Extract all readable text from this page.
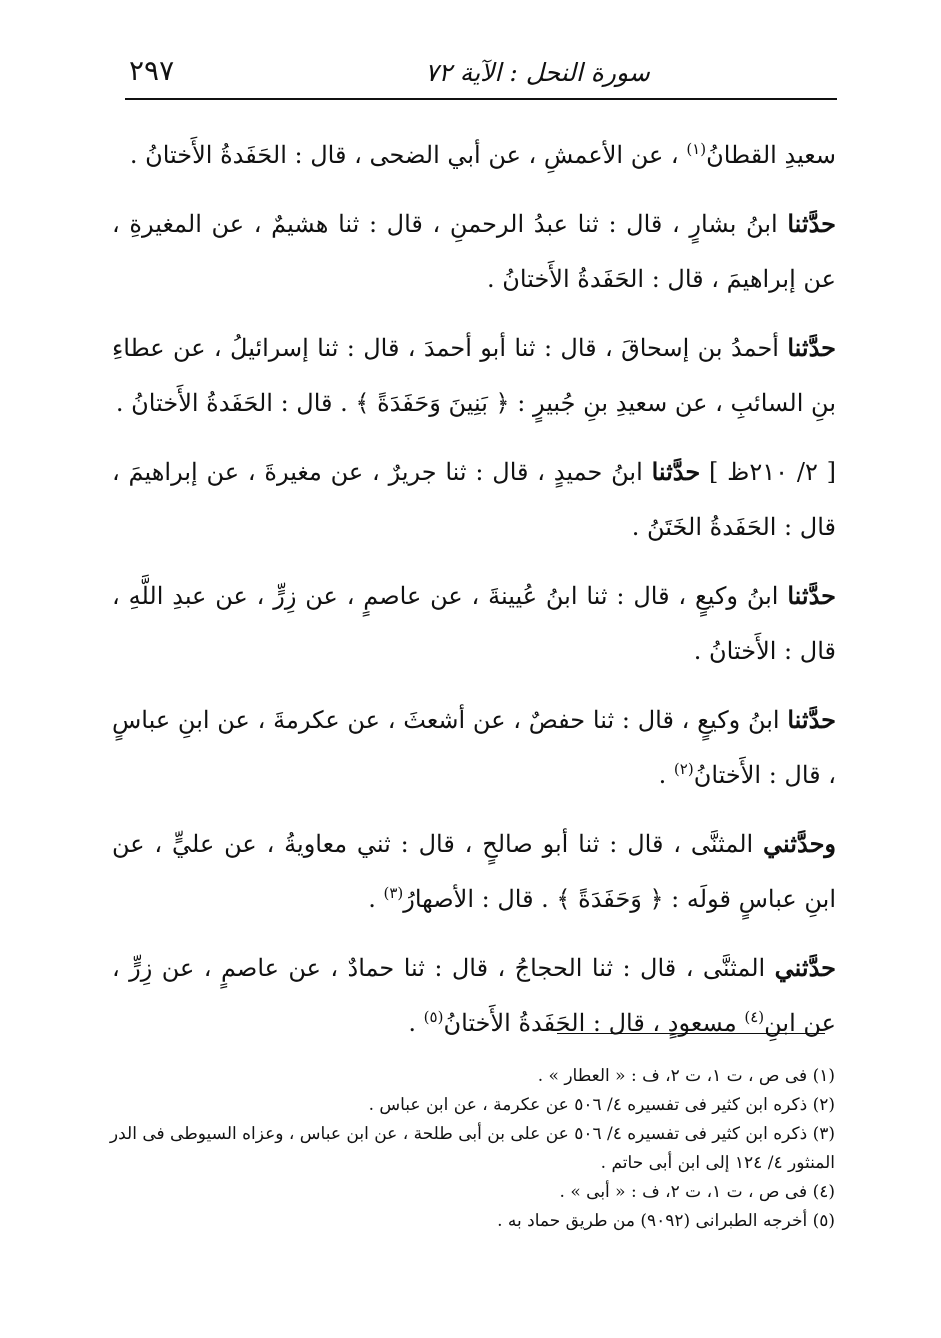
سورة النحل : الآية ٧٢
٢٩٧

سعيدِ القطانُ$^{(١)}$ ، عن الأعمشِ ، عن أبي الضحى ، قال : الحَفَدةُ الأَختانُ .

حدَّثنا ابنُ بشارٍ ، قال : ثنا عبدُ الرحمنِ ، قال : ثنا هشيمٌ ، عن المغيرةِ ، عن إبراهيمَ ، قال : الحَفَدةُ الأَختانُ .

حدَّثنا أحمدُ بن إسحاقَ ، قال : ثنا أبو أحمدَ ، قال : ثنا إسرائيلُ ، عن عطاءِ بنِ السائبِ ، عن سعيدِ بنِ جُبيرٍ : ﴿ بَنِينَ وَحَفَدَةً ﴾ . قال : الحَفَدةُ الأَختانُ .

[ ٢/ ٢١٠ظ ] حدَّثنا ابنُ حميدٍ ، قال : ثنا جريرٌ ، عن مغيرةَ ، عن إبراهيمَ ، قال : الحَفَدةُ الخَتَنُ .

حدَّثنا ابنُ وكيعٍ ، قال : ثنا ابنُ عُيينةَ ، عن عاصمٍ ، عن زِرٍّ ، عن عبدِ اللَّهِ ، قال : الأَختانُ .

حدَّثنا ابنُ وكيعٍ ، قال : ثنا حفصٌ ، عن أشعثَ ، عن عكرمةَ ، عن ابنِ عباسٍ ، قال : الأَختانُ$^{(٢)}$ .

وحدَّثني المثنَّى ، قال : ثنا أبو صالحٍ ، قال : ثني معاويةُ ، عن عليٍّ ، عن ابنِ عباسٍ قولَه : ﴿ وَحَفَدَةً ﴾ . قال : الأصهارُ$^{(٣)}$ .

حدَّثني المثنَّى ، قال : ثنا الحجاجُ ، قال : ثنا حمادٌ ، عن عاصمٍ ، عن زِرٍّ ، عن ابنِ$^{(٤)}$ مسعودٍ ، قال : الحَفَدةُ الأَختانُ$^{(٥)}$ .

(١) فى ص ، ت ١، ت ٢، ف : « العطار » .

(٢) ذكره ابن كثير فى تفسيره ٤/ ٥٠٦ عن عكرمة ، عن ابن عباس .

(٣) ذكره ابن كثير فى تفسيره ٤/ ٥٠٦ عن على بن أبى طلحة ، عن ابن عباس ، وعزاه السيوطى فى الدر المنثور ٤/ ١٢٤ إلى ابن أبى حاتم .

(٤) فى ص ، ت ١، ت ٢، ف : « أبى » .

(٥) أخرجه الطبرانى (٩٠٩٢) من طريق حماد به .
